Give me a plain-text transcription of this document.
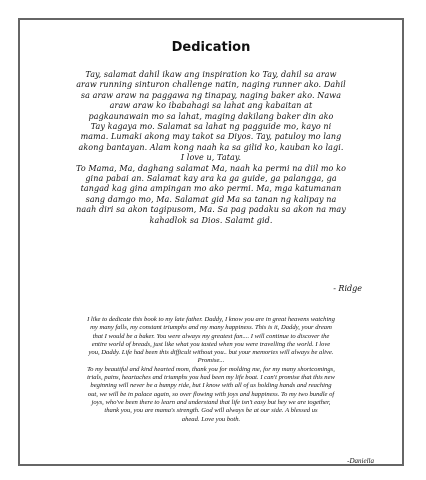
Dedication

Tay, salamat dahil ikaw ang inspiration ko Tay, dahil sa araw

araw running sinturon challenge natin, naging runner ako. Dahil

sa araw araw na paggawa ng tinapay, naging baker ako. Nawa

araw araw ko ibabahagi sa lahat ang kabaitan at

pagkaunawain mo sa lahat, maging dakilang baker din ako

Tay kagaya mo. Salamat sa lahat ng pagguide mo, kayo ni

mama. Lumaki akong may takot sa Diyos. Tay, patuloy mo lang

akong bantayan. Alam kong naah ka sa gilid ko, kauban ko lagi.

I love u, Tatay.

To Mama, Ma, daghang salamat Ma, naah ka permi na diil mo ko

gina pabai an. Salamat kay ara ka ga guide, ga palangga, ga

tangad kag gina ampingan mo ako permi. Ma, mga katumanan

sang damgo mo, Ma. Salamat gid Ma sa tanan ng kalipay na

naah diri sa akon tagipusom, Ma. Sa pag padaku sa akon na may

kahadlok sa Dios. Salamt gid.

- Ridge

I like to dedicate this book to my late father. Daddy, I know you are in great heavens watching

my many falls, my constant triumphs and my many happiness. This is it, Daddy, your dream

that I would be a baker. You were always my greatest fan.... I will continue to discover the

entire world of breads, just like what you tasted when you were travelling the world. I love

you, Daddy. Life had been this difficult without you.. but your memories will always be alive.

Promise...

To my beautiful and kind hearted mom, thank you for molding me, for my many shortcomings,

trials, pains, heartaches and triumphs you had been my life boat. I can't promise that this new

beginning will never be a bumpy ride, but I know with all of us holding hands and reaching

out, we will be in palace again, so over flowing with joys and happiness. To my two bundle of

joys, who've been there to learn and understand that life isn't easy but hey we are together,

thank you, you are mama's strength. God will always be at our side. A blessed us

ahead. Love you both.

-Daniella
